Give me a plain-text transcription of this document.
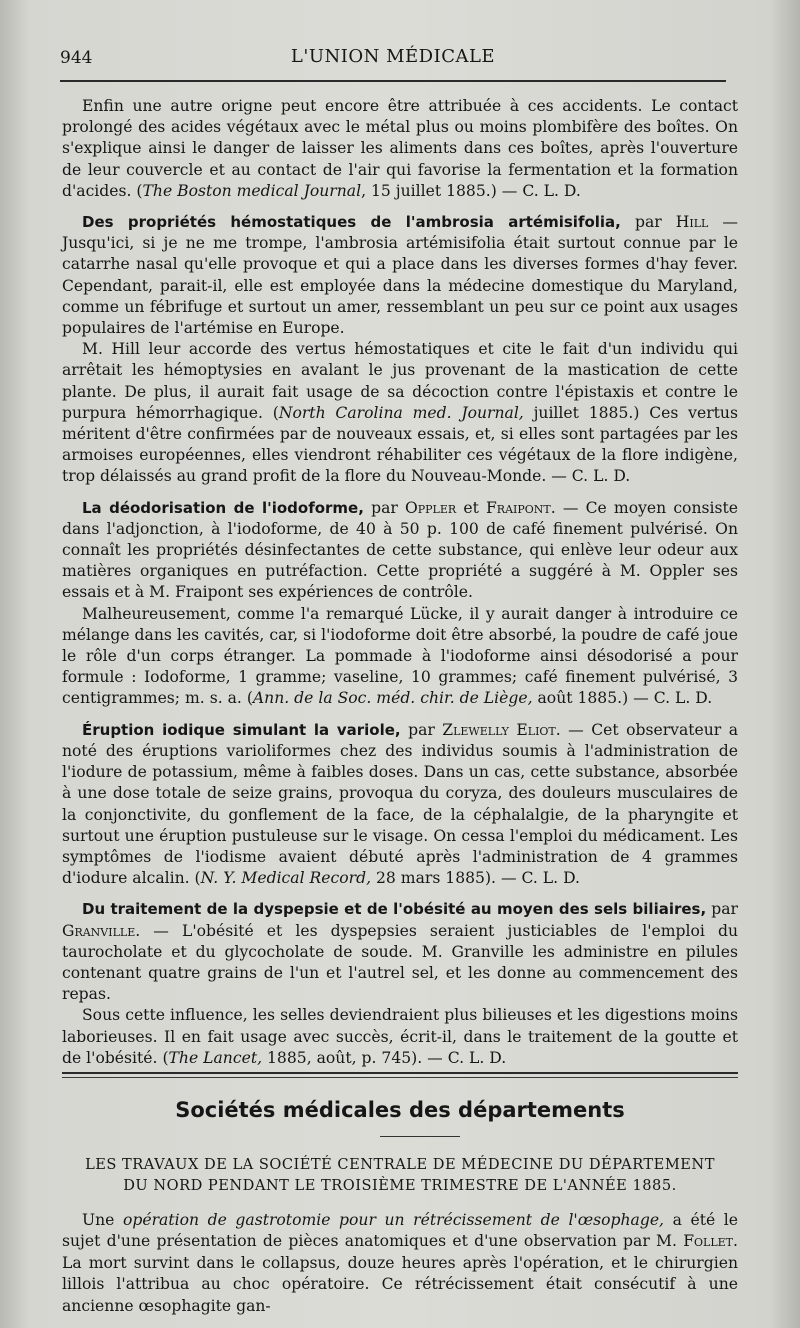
944	L'UNION MÉDICALE

Enfin une autre origne peut encore être attribuée à ces accidents. Le contact prolongé des acides végétaux avec le métal plus ou moins plombifère des boîtes. On s'explique ainsi le danger de laisser les aliments dans ces boîtes, après l'ouverture de leur couvercle et au contact de l'air qui favorise la fermentation et la formation d'acides. (The Boston medical Journal, 15 juillet 1885.) — C. L. D.

Des propriétés hémostatiques de l'ambrosia artémisifolia, par Hill — Jusqu'ici, si je ne me trompe, l'ambrosia artémisifolia était surtout connue par le catarrhe nasal qu'elle provoque et qui a place dans les diverses formes d'hay fever. Cependant, parait-il, elle est employée dans la médecine domestique du Maryland, comme un fébrifuge et surtout un amer, ressemblant un peu sur ce point aux usages populaires de l'artémise en Europe.

M. Hill leur accorde des vertus hémostatiques et cite le fait d'un individu qui arrêtait les hémoptysies en avalant le jus provenant de la mastication de cette plante. De plus, il aurait fait usage de sa décoction contre l'épistaxis et contre le purpura hémorrhagique. (North Carolina med. Journal, juillet 1885.) Ces vertus méritent d'être confirmées par de nouveaux essais, et, si elles sont partagées par les armoises européennes, elles viendront réhabiliter ces végétaux de la flore indigène, trop délaissés au grand profit de la flore du Nouveau-Monde. — C. L. D.

La déodorisation de l'iodoforme, par Oppler et Fraipont. — Ce moyen consiste dans l'adjonction, à l'iodoforme, de 40 à 50 p. 100 de café finement pulvérisé. On connaît les propriétés désinfectantes de cette substance, qui enlève leur odeur aux matières organiques en putréfaction. Cette propriété a suggéré à M. Oppler ses essais et à M. Fraipont ses expériences de contrôle.

Malheureusement, comme l'a remarqué Lücke, il y aurait danger à introduire ce mélange dans les cavités, car, si l'iodoforme doit être absorbé, la poudre de café joue le rôle d'un corps étranger. La pommade à l'iodoforme ainsi désodorisé a pour formule : Iodoforme, 1 gramme; vaseline, 10 grammes; café finement pulvérisé, 3 centigrammes; m. s. a. (Ann. de la Soc. méd. chir. de Liège, août 1885.) — C. L. D.

Éruption iodique simulant la variole, par Zlewelly Eliot. — Cet observateur a noté des éruptions varioliformes chez des individus soumis à l'administration de l'iodure de potassium, même à faibles doses. Dans un cas, cette substance, absorbée à une dose totale de seize grains, provoqua du coryza, des douleurs musculaires de la conjonctivite, du gonflement de la face, de la céphalalgie, de la pharyngite et surtout une éruption pustuleuse sur le visage. On cessa l'emploi du médicament. Les symptômes de l'iodisme avaient débuté après l'administration de 4 grammes d'iodure alcalin. (N. Y. Medical Record, 28 mars 1885). — C. L. D.

Du traitement de la dyspepsie et de l'obésité au moyen des sels biliaires, par Granville. — L'obésité et les dyspepsies seraient justiciables de l'emploi du taurocholate et du glycocholate de soude. M. Granville les administre en pilules contenant quatre grains de l'un et l'autrel sel, et les donne au commencement des repas.

Sous cette influence, les selles deviendraient plus bilieuses et les digestions moins laborieuses. Il en fait usage avec succès, écrit-il, dans le traitement de la goutte et de l'obésité. (The Lancet, 1885, août, p. 745). — C. L. D.

Sociétés médicales des départements
LES TRAVAUX DE LA SOCIÉTÉ CENTRALE DE MÉDECINE DU DÉPARTEMENT
DU NORD PENDANT LE TROISIÈME TRIMESTRE DE L'ANNÉE 1885.

Une opération de gastrotomie pour un rétrécissement de l'œsophage, a été le sujet d'une présentation de pièces anatomiques et d'une observation par M. Follet. La mort survint dans le collapsus, douze heures après l'opération, et le chirurgien lillois l'attribua au choc opératoire. Ce rétrécissement était consécutif à une ancienne œsophagite gan-
